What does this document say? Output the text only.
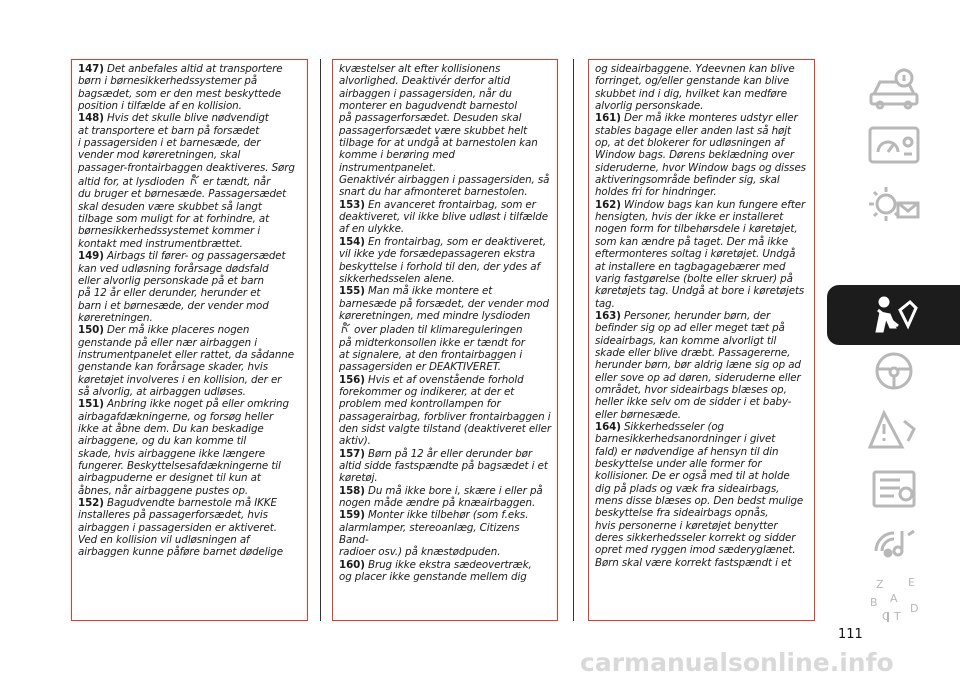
147) Det anbefales altid at transportere
børn i børnesikkerhedssystemer på
bagsædet, som er den mest beskyttede
position i tilfælde af en kollision.

148) Hvis det skulle blive nødvendigt
at transportere et barn på forsædet
i passagersiden i et barnesæde, der
vender mod køreretningen, skal
passager-frontairbaggen deaktiveres. Sørg
altid for, at lysdioden  er tændt, når
du bruger et børnesæde. Passagersædet
skal desuden være skubbet så langt
tilbage som muligt for at forhindre, at
børnesikkerhedssystemet kommer i
kontakt med instrumentbrættet.

149) Airbags til fører- og passagersædet
kan ved udløsning forårsage dødsfald
eller alvorlig personskade på et barn
på 12 år eller derunder, herunder et
barn i et børnesæde, der vender mod
køreretningen.

150) Der må ikke placeres nogen
genstande på eller nær airbaggen i
instrumentpanelet eller rattet, da sådanne
genstande kan forårsage skader, hvis
køretøjet involveres i en kollision, der er
så alvorlig, at airbaggen udløses.

151) Anbring ikke noget på eller omkring
airbagafdækningerne, og forsøg heller
ikke at åbne dem. Du kan beskadige
airbaggene, og du kan komme til
skade, hvis airbaggene ikke længere
fungerer. Beskyttelsesafdækningerne til
airbagpuderne er designet til kun at
åbnes, når airbaggene pustes op.

152) Bagudvendte barnestole må IKKE
installeres på passagerforsædet, hvis
airbaggen i passagersiden er aktiveret.
Ved en kollision vil udløsningen af
airbaggen kunne påføre barnet dødelige

kvæstelser alt efter kollisionens
alvorlighed. Deaktivér derfor altid
airbaggen i passagersiden, når du
monterer en bagudvendt barnestol
på passagerforsædet. Desuden skal
passagerforsædet være skubbet helt
tilbage for at undgå at barnestolen kan
komme i berøring med instrumentpanelet.
Genaktivér airbaggen i passagersiden, så
snart du har afmonteret barnestolen.

153) En avanceret frontairbag, som er
deaktiveret, vil ikke blive udløst i tilfælde
af en ulykke.

154) En frontairbag, som er deaktiveret,
vil ikke yde forsædepassageren ekstra
beskyttelse i forhold til den, der ydes af
sikkerhedsselen alene.

155) Man må ikke montere et
barnesæde på forsædet, der vender mod
køreretningen, med mindre lysdioden
over pladen til klimareguleringen
på midterkonsollen ikke er tændt for
at signalere, at den frontairbaggen i
passagersiden er DEAKTIVERET.

156) Hvis et af ovenstående forhold
forekommer og indikerer, at der et
problem med kontrollampen for
passagerairbag, forbliver frontairbaggen i
den sidst valgte tilstand (deaktiveret eller
aktiv).

157) Børn på 12 år eller derunder bør
altid sidde fastspændte på bagsædet i et
køretøj.

158) Du må ikke bore i, skære i eller på
nogen måde ændre på knæairbaggen.

159) Monter ikke tilbehør (som f.eks.
alarmlamper, stereoanlæg, Citizens Band-
radioer osv.) på knæstødpuden.

160) Brug ikke ekstra sædeovertræk,
og placer ikke genstande mellem dig

og sideairbaggene. Ydeevnen kan blive
forringet, og/eller genstande kan blive
skubbet ind i dig, hvilket kan medføre
alvorlig personskade.

161) Der må ikke monteres udstyr eller
stables bagage eller anden last så højt
op, at det blokerer for udløsningen af
Window bags. Dørens beklædning over
sideruderne, hvor Window bags og disses
aktiveringsområde befinder sig, skal
holdes fri for hindringer.

162) Window bags kan kun fungere efter
hensigten, hvis der ikke er installeret
nogen form for tilbehørsdele i køretøjet,
som kan ændre på taget. Der må ikke
eftermonteres soltag i køretøjet. Undgå
at installere en tagbagagebærer med
varig fastgørelse (bolte eller skruer) på
køretøjets tag. Undgå at bore i køretøjets
tag.

163) Personer, herunder børn, der
befinder sig op ad eller meget tæt på
sideairbags, kan komme alvorligt til
skade eller blive dræbt. Passagererne,
herunder børn, bør aldrig læne sig op ad
eller sove op ad døren, sideruderne eller
området, hvor sideairbags blæses op,
heller ikke selv om de sidder i et baby-
eller børnesæde.

164) Sikkerhedsseler (og
barnesikkerhedsanordninger i givet
fald) er nødvendige af hensyn til din
beskyttelse under alle former for
kollisioner. De er også med til at holde
dig på plads og væk fra sideairbags,
mens disse blæses op. Den bedst mulige
beskyttelse fra sideairbags opnås,
hvis personerne i køretøjet benytter
deres sikkerhedsseler korrekt og sidder
opret med ryggen imod sæderyglænet.
Børn skal være korrekt fastspændt i et

Z E
B A
C T
D
111
carmanualsonline.info
